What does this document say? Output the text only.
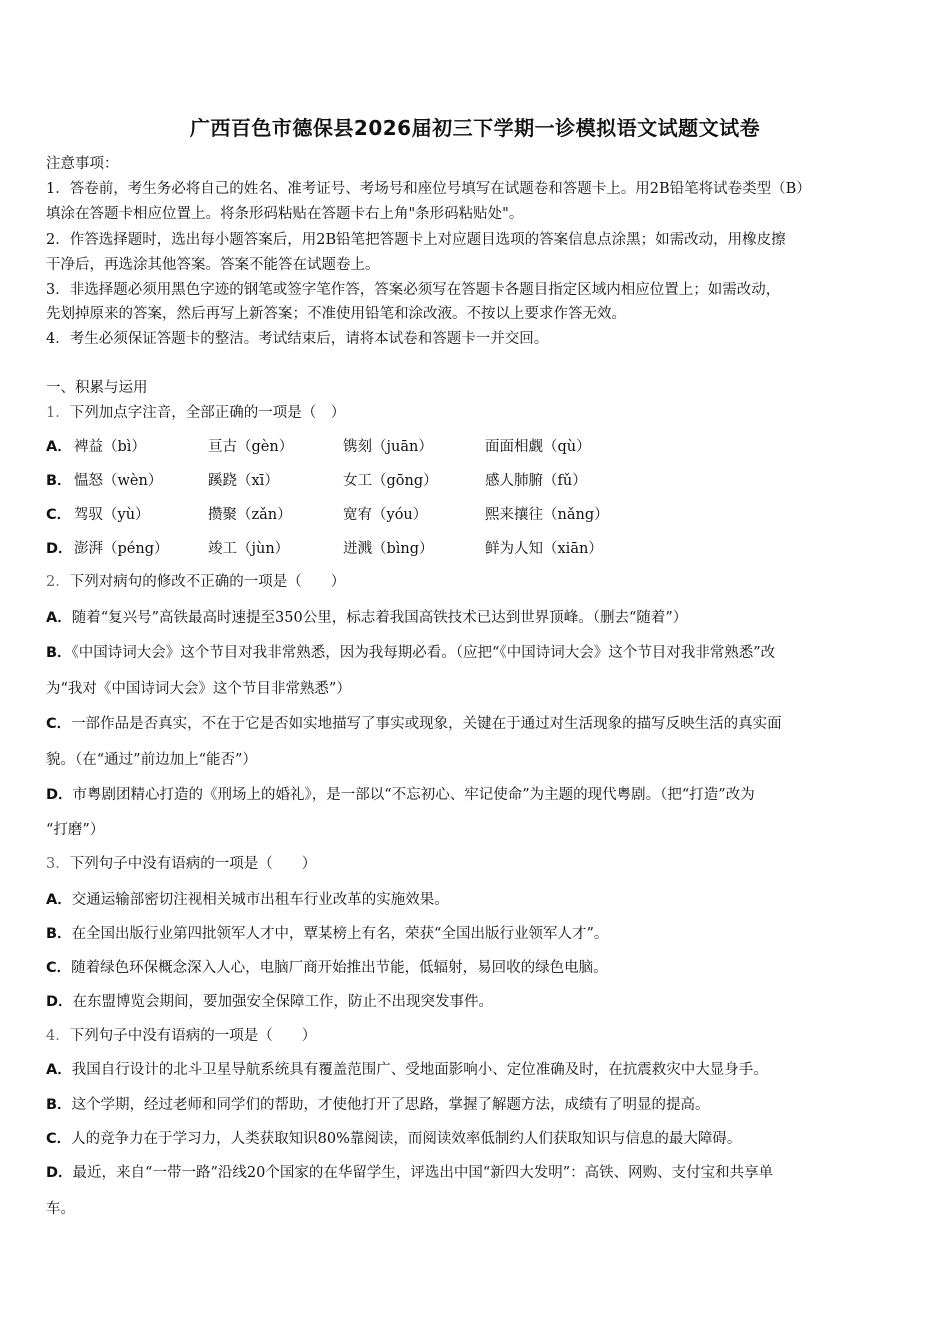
广西百色市德保县2026届初三下学期一诊模拟语文试题文试卷
注意事项：
1．答卷前，考生务必将自己的姓名、准考证号、考场号和座位号填写在试题卷和答题卡上。用2B铅笔将试卷类型（B）
填涂在答题卡相应位置上。将条形码粘贴在答题卡右上角"条形码粘贴处"。
2．作答选择题时，选出每小题答案后，用2B铅笔把答题卡上对应题目选项的答案信息点涂黑；如需改动，用橡皮擦
干净后，再选涂其他答案。答案不能答在试题卷上。
3．非选择题必须用黑色字迹的钢笔或签字笔作答，答案必须写在答题卡各题目指定区域内相应位置上；如需改动，
先划掉原来的答案，然后再写上新答案；不准使用铅笔和涂改液。不按以上要求作答无效。
4．考生必须保证答题卡的整洁。考试结束后，请将本试卷和答题卡一并交回。
一、积累与运用
1．下列加点字注音，全部正确的一项是（　）
A． 裨益（bì）	亘古（gèn）	镌刻（juān）	面面相觑（qù）
B． 愠怒（wèn）	蹊跷（xī）	女工（gōng）	感人肺腑（fǔ）
C． 驾驭（yù）	攒聚（zǎn）	宽宥（yóu）	熙来攘往（nǎng）
D． 澎湃（péng）	竣工（jùn）	迸溅（bìng）	鲜为人知（xiān）
2．下列对病句的修改不正确的一项是（　　）
A．随着“复兴号”高铁最高时速提至350公里，标志着我国高铁技术已达到世界顶峰。（删去“随着”）
B．《中国诗词大会》这个节目对我非常熟悉，因为我每期必看。（应把“《中国诗词大会》这个节目对我非常熟悉”改
为“我对《中国诗词大会》这个节目非常熟悉”）
C．一部作品是否真实，不在于它是否如实地描写了事实或现象，关键在于通过对生活现象的描写反映生活的真实面
貌。（在“通过”前边加上“能否”）
D．市粤剧团精心打造的《刑场上的婚礼》，是一部以“不忘初心、牢记使命”为主题的现代粤剧。（把“打造”改为
“打磨”）
3．下列句子中没有语病的一项是（　　）
A．交通运输部密切注视相关城市出租车行业改革的实施效果。
B．在全国出版行业第四批领军人才中，覃某榜上有名，荣获“全国出版行业领军人才”。
C．随着绿色环保概念深入人心，电脑厂商开始推出节能，低辐射，易回收的绿色电脑。
D．在东盟博览会期间，要加强安全保障工作，防止不出现突发事件。
4．下列句子中没有语病的一项是（　　）
A．我国自行设计的北斗卫星导航系统具有覆盖范围广、受地面影响小、定位准确及时，在抗震救灾中大显身手。
B．这个学期，经过老师和同学们的帮助，才使他打开了思路，掌握了解题方法，成绩有了明显的提高。
C．人的竞争力在于学习力，人类获取知识80%靠阅读，而阅读效率低制约人们获取知识与信息的最大障碍。
D．最近，来自“一带一路”沿线20个国家的在华留学生，评选出中国“新四大发明”：高铁、网购、支付宝和共享单
车。
